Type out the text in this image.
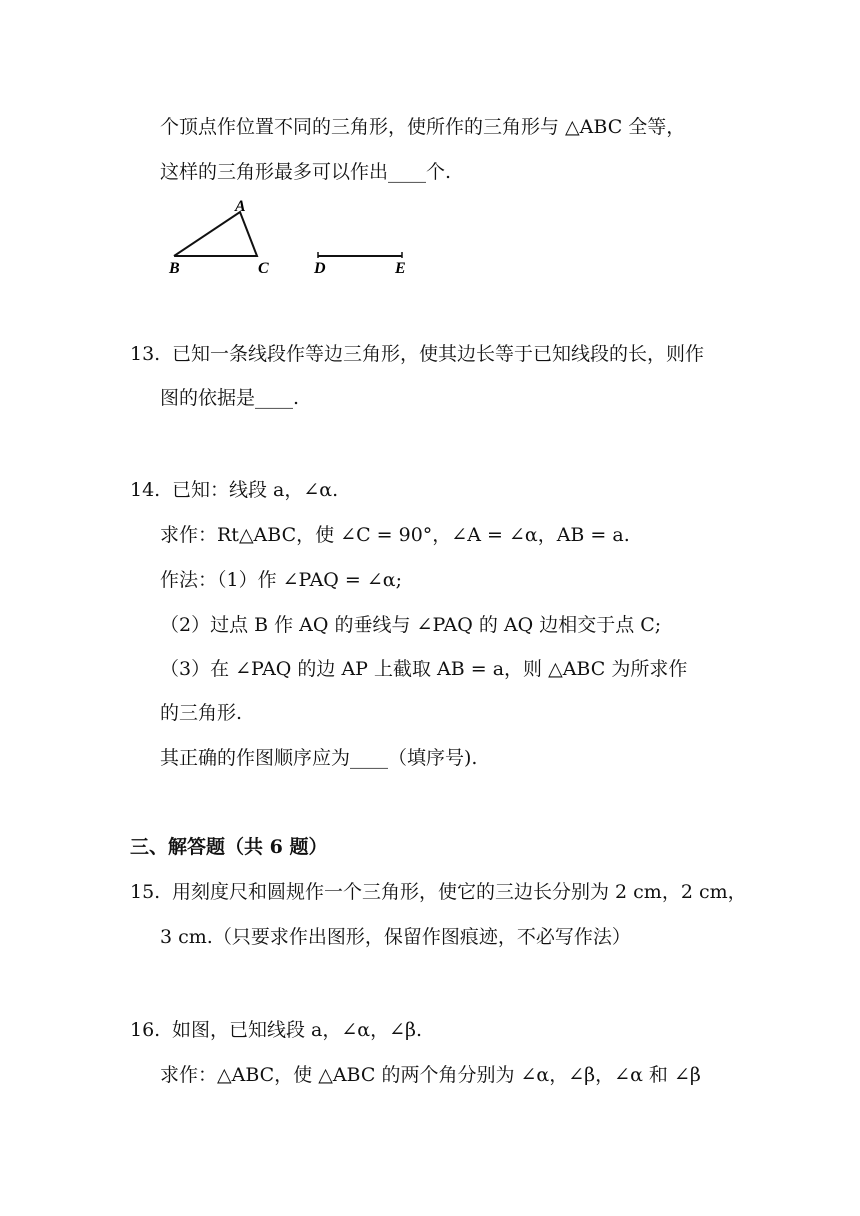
个顶点作位置不同的三角形，使所作的三角形与 △ABC 全等，
这样的三角形最多可以作出____个.
A
B	C	D	E
13. 已知一条线段作等边三角形，使其边长等于已知线段的长，则作
图的依据是____.
14. 已知：线段 a，∠α.
求作：Rt△ABC，使 ∠C = 90°，∠A = ∠α，AB = a.
作法：（1）作 ∠PAQ = ∠α;
（2）过点 B 作 AQ 的垂线与 ∠PAQ 的 AQ 边相交于点 C;
（3）在 ∠PAQ 的边 AP 上截取 AB = a，则 △ABC 为所求作
的三角形.
其正确的作图顺序应为____（填序号).
三、解答题（共 6 题）
15. 用刻度尺和圆规作一个三角形，使它的三边长分别为 2 cm，2 cm，
3 cm.（只要求作出图形，保留作图痕迹，不必写作法）
16. 如图，已知线段 a，∠α，∠β.
求作：△ABC，使 △ABC 的两个角分别为 ∠α，∠β，∠α 和 ∠β
